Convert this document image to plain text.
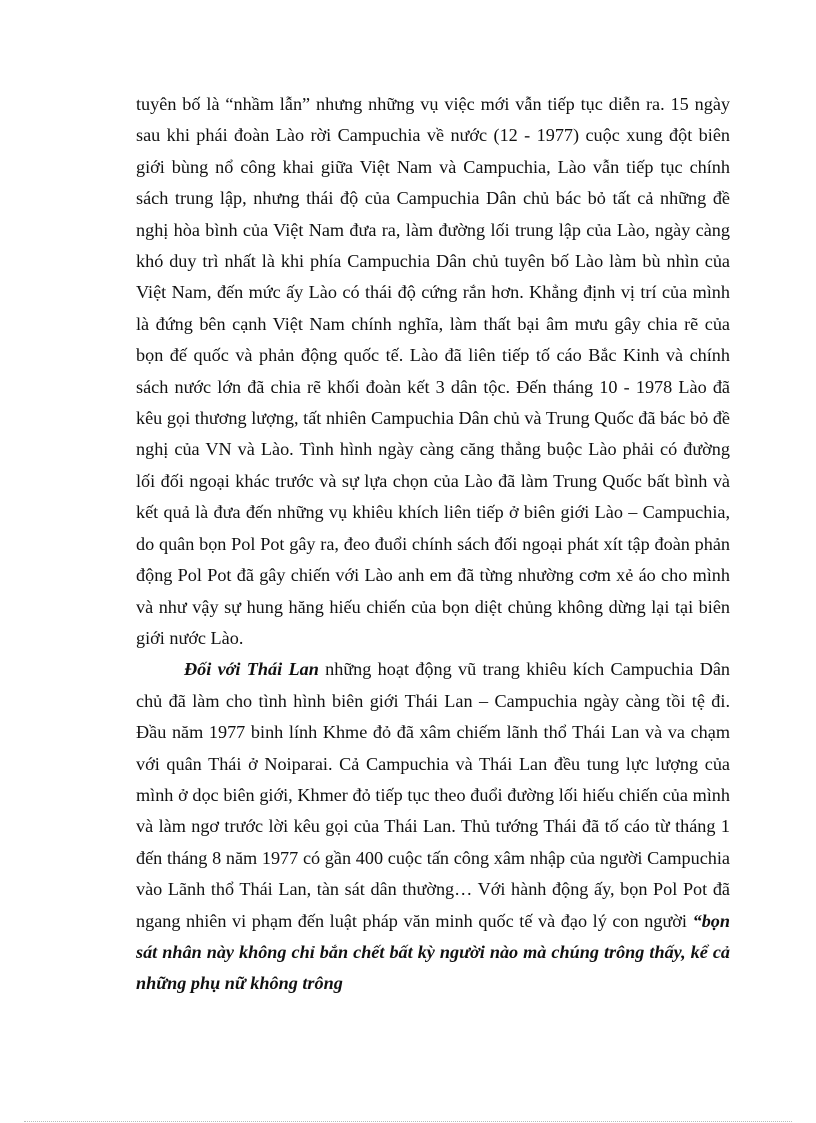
tuyên bố là “nhầm lẫn” nhưng những vụ việc mới vẫn tiếp tục diễn ra. 15 ngày sau khi phái đoàn Lào rời Campuchia về nước (12 - 1977) cuộc xung đột biên giới bùng nổ công khai giữa Việt Nam và Campuchia, Lào vẫn tiếp tục chính sách trung lập, nhưng thái độ của Campuchia Dân chủ bác bỏ tất cả những đề nghị hòa bình của Việt Nam đưa ra, làm đường lối trung lập của Lào, ngày càng khó duy trì nhất là khi phía Campuchia Dân chủ tuyên bố Lào làm bù nhìn của Việt Nam, đến mức ấy Lào có thái độ cứng rắn hơn. Khẳng định vị trí của mình là đứng bên cạnh Việt Nam chính nghĩa, làm thất bại âm mưu gây chia rẽ của bọn đế quốc và phản động quốc tế. Lào đã liên tiếp tố cáo Bắc Kinh và chính sách nước lớn đã chia rẽ khối đoàn kết 3 dân tộc. Đến tháng 10 - 1978 Lào đã kêu gọi thương lượng, tất nhiên Campuchia Dân chủ và Trung Quốc đã bác bỏ đề nghị của VN và Lào. Tình hình ngày càng căng thẳng buộc Lào phải có đường lối đối ngoại khác trước và sự lựa chọn của Lào đã làm Trung Quốc bất bình và kết quả là đưa đến những vụ khiêu khích liên tiếp ở biên giới Lào – Campuchia, do quân bọn Pol Pot gây ra, đeo đuổi chính sách đối ngoại phát xít tập đoàn phản động Pol Pot đã gây chiến với Lào anh em đã từng nhường cơm xẻ áo cho mình và như vậy sự hung hăng hiếu chiến của bọn diệt chủng không dừng lại tại biên giới nước Lào.

Đối với Thái Lan những hoạt động vũ trang khiêu kích Campuchia Dân chủ đã làm cho tình hình biên giới Thái Lan – Campuchia ngày càng tồi tệ đi. Đầu năm 1977 binh lính Khme đỏ đã xâm chiếm lãnh thổ Thái Lan và va chạm với quân Thái ở Noiparai. Cả Campuchia và Thái Lan đều tung lực lượng của mình ở dọc biên giới, Khmer đỏ tiếp tục theo đuổi đường lối hiếu chiến của mình và làm ngơ trước lời kêu gọi của Thái Lan. Thủ tướng Thái đã tố cáo từ tháng 1 đến tháng 8 năm 1977 có gần 400 cuộc tấn công xâm nhập của người Campuchia vào Lãnh thổ Thái Lan, tàn sát dân thường… Với hành động ấy, bọn Pol Pot đã ngang nhiên vi phạm đến luật pháp văn minh quốc tế và đạo lý con người “bọn sát nhân này không chỉ bắn chết bất kỳ người nào mà chúng trông thấy, kể cả những phụ nữ không trông
